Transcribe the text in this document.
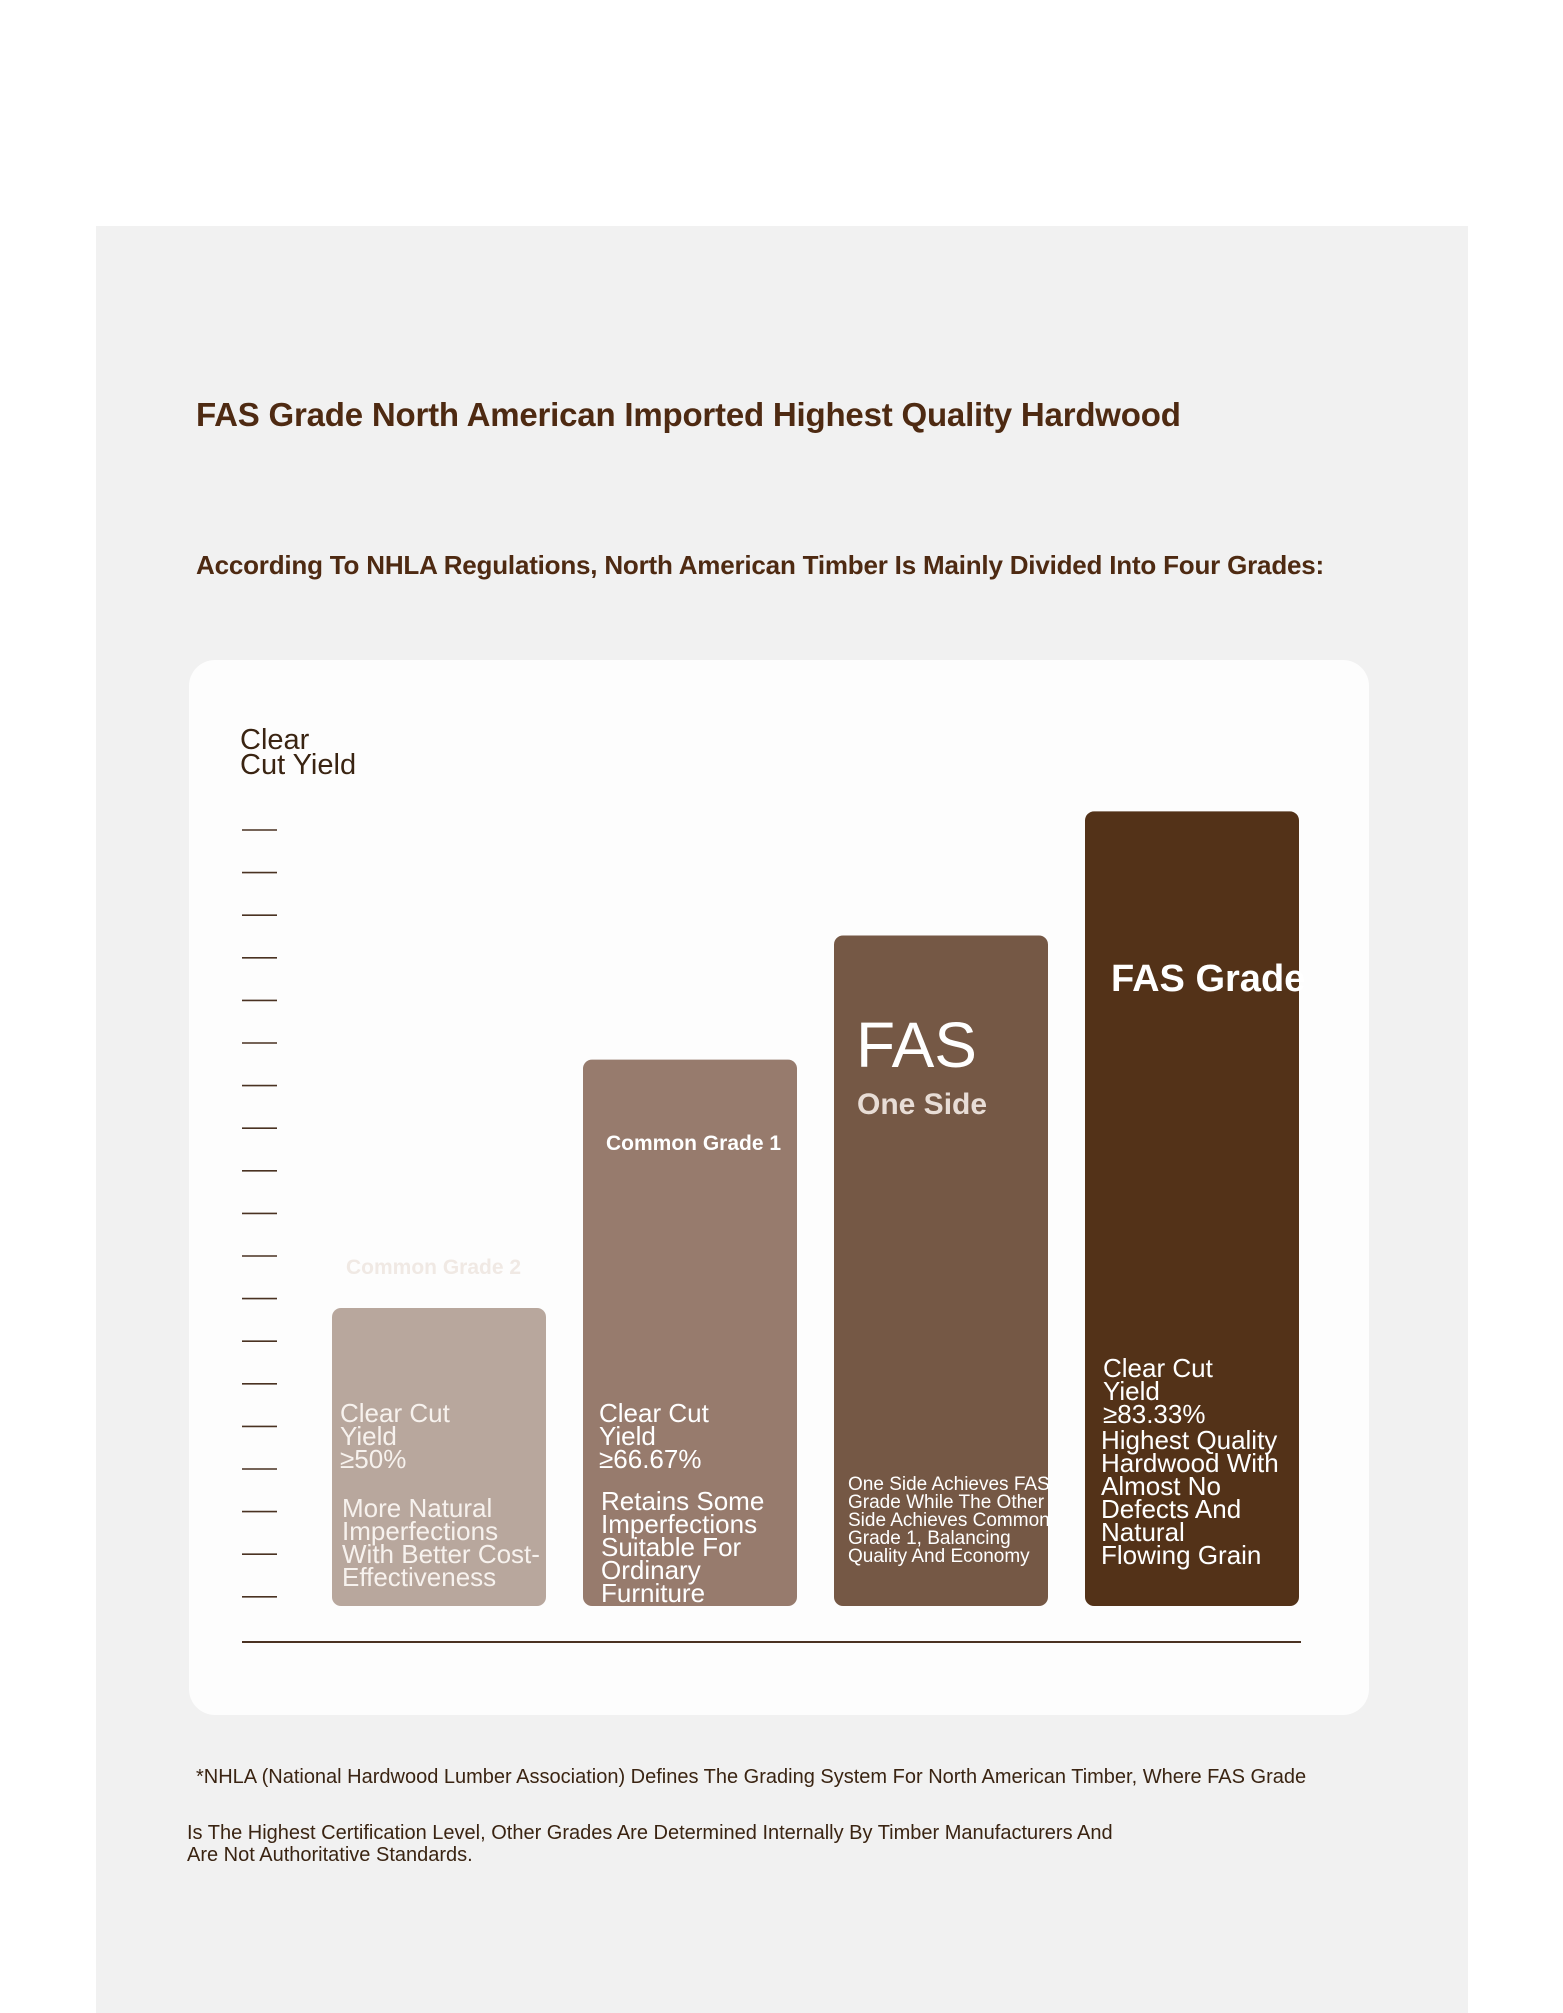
FAS Grade North American Imported Highest Quality Hardwood
According To NHLA Regulations, North American Timber Is Mainly Divided Into Four Grades:
Clear Cut Yield
Common Grade 2
Clear Cut Yield ≥50%
More Natural Imperfections With Better Cost-Effectiveness
Common Grade 1
Clear Cut Yield ≥66.67%
Retains Some Imperfections Suitable For Ordinary Furniture
FAS
One Side
One Side Achieves FAS Grade While The Other Side Achieves Common Grade 1, Balancing Quality And Economy
FAS Grade
Clear Cut Yield ≥83.33%
Highest Quality Hardwood With Almost No Defects And Natural Flowing Grain

*NHLA (National Hardwood Lumber Association) Defines The Grading System For North American Timber, Where FAS Grade

Is The Highest Certification Level, Other Grades Are Determined Internally By Timber Manufacturers And

Are Not Authoritative Standards.
